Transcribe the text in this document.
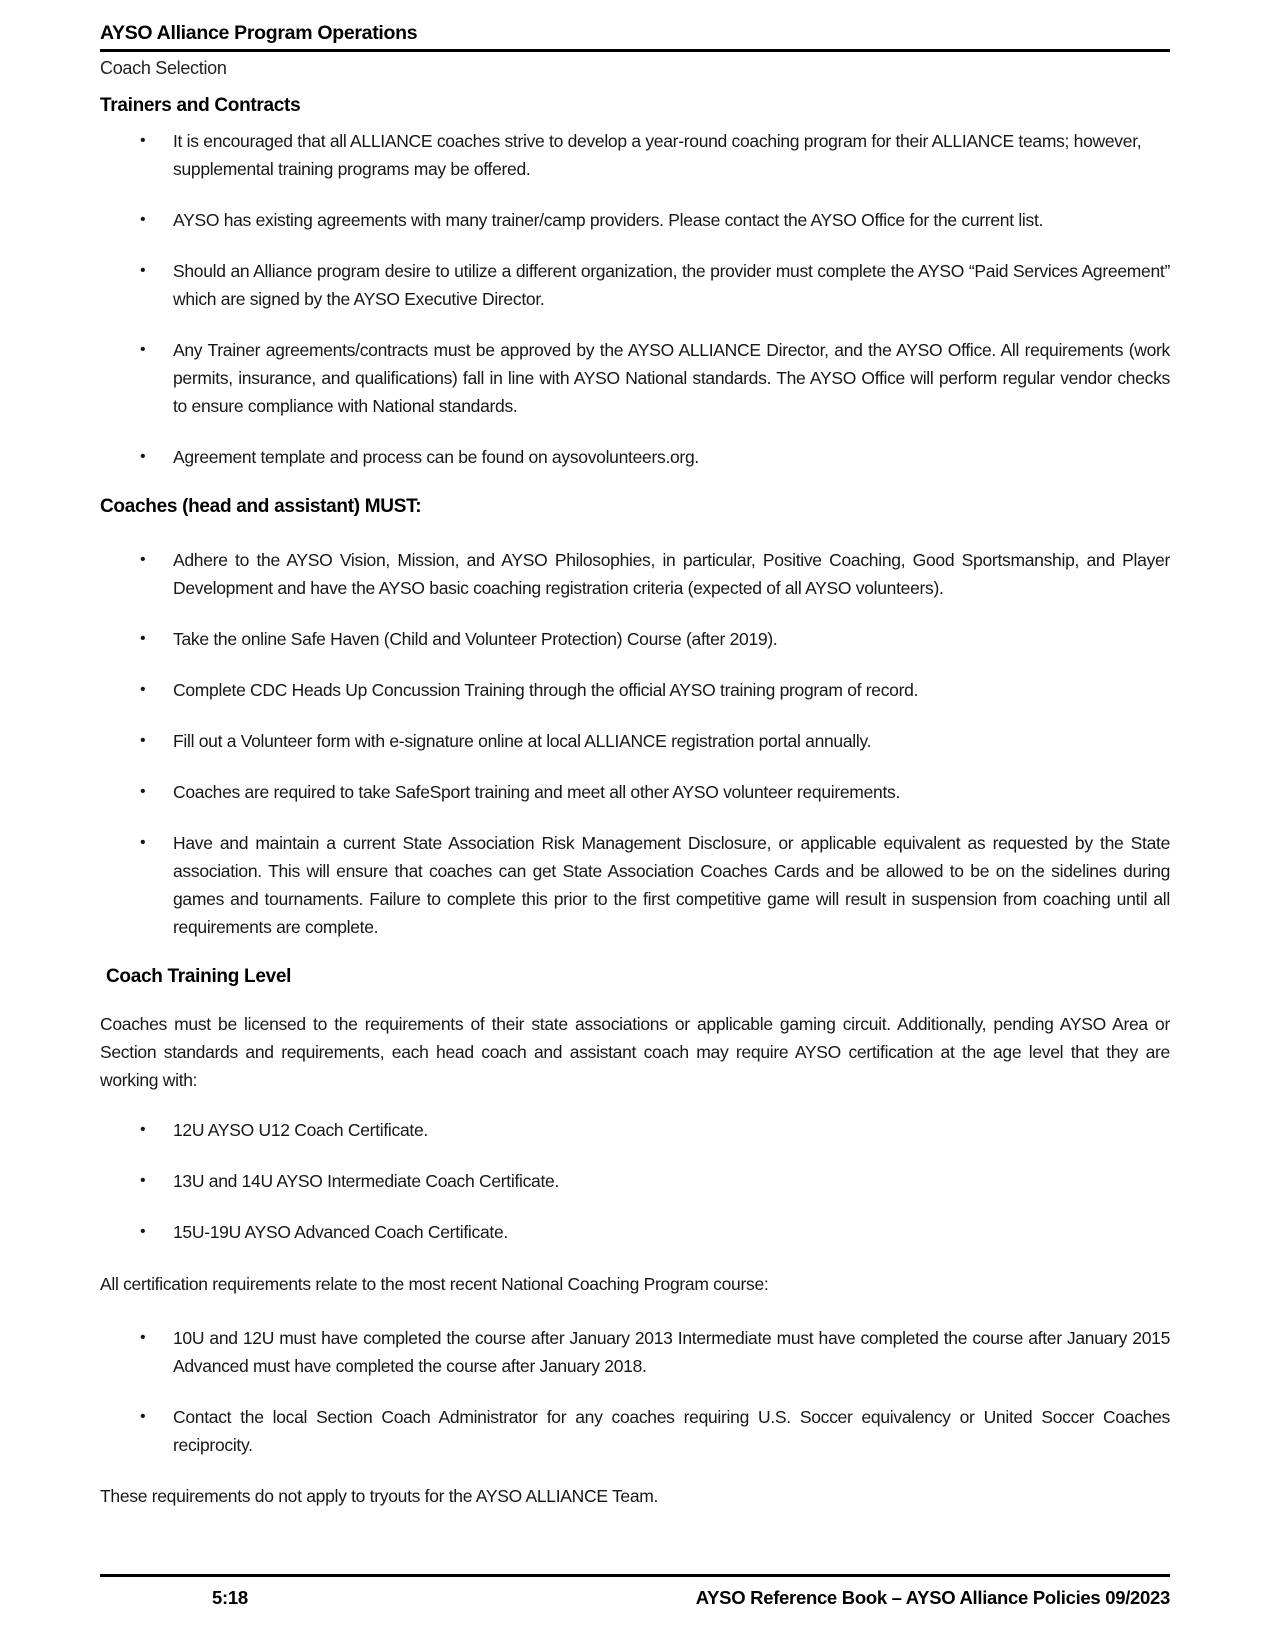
AYSO Alliance Program Operations
Coach Selection
Trainers and Contracts
• It is encouraged that all ALLIANCE coaches strive to develop a year-round coaching program for their ALLIANCE teams; however, supplemental training programs may be offered.
• AYSO has existing agreements with many trainer/camp providers. Please contact the AYSO Office for the current list.
• Should an Alliance program desire to utilize a different organization, the provider must complete the AYSO “Paid Services Agreement” which are signed by the AYSO Executive Director.
• Any Trainer agreements/contracts must be approved by the AYSO ALLIANCE Director, and the AYSO Office. All requirements (work permits, insurance, and qualifications) fall in line with AYSO National standards. The AYSO Office will perform regular vendor checks to ensure compliance with National standards.
• Agreement template and process can be found on aysovolunteers.org.
Coaches (head and assistant) MUST:
• Adhere to the AYSO Vision, Mission, and AYSO Philosophies, in particular, Positive Coaching, Good Sportsmanship, and Player Development and have the AYSO basic coaching registration criteria (expected of all AYSO volunteers).
• Take the online Safe Haven (Child and Volunteer Protection) Course (after 2019).
• Complete CDC Heads Up Concussion Training through the official AYSO training program of record.
• Fill out a Volunteer form with e-signature online at local ALLIANCE registration portal annually.
• Coaches are required to take SafeSport training and meet all other AYSO volunteer requirements.
• Have and maintain a current State Association Risk Management Disclosure, or applicable equivalent as requested by the State association. This will ensure that coaches can get State Association Coaches Cards and be allowed to be on the sidelines during games and tournaments. Failure to complete this prior to the first competitive game will result in suspension from coaching until all requirements are complete.
Coach Training Level

Coaches must be licensed to the requirements of their state associations or applicable gaming circuit. Additionally, pending AYSO Area or Section standards and requirements, each head coach and assistant coach may require AYSO certification at the age level that they are working with:

• 12U AYSO U12 Coach Certificate.
• 13U and 14U AYSO Intermediate Coach Certificate.
• 15U-19U AYSO Advanced Coach Certificate.

All certification requirements relate to the most recent National Coaching Program course:

• 10U and 12U must have completed the course after January 2013 Intermediate must have completed the course after January 2015 Advanced must have completed the course after January 2018.
• Contact the local Section Coach Administrator for any coaches requiring U.S. Soccer equivalency or United Soccer Coaches reciprocity.

These requirements do not apply to tryouts for the AYSO ALLIANCE Team.

5:18	AYSO Reference Book – AYSO Alliance Policies 09/2023
